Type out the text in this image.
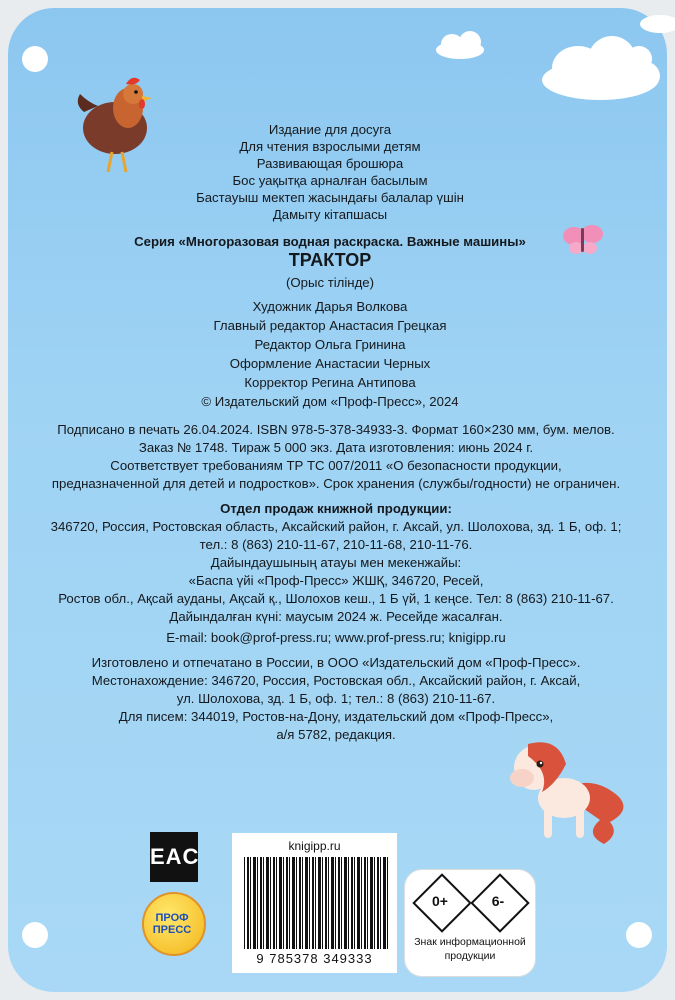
Издание для досуга
Для чтения взрослыми детям
Развивающая брошюра
Бос уақытқа арналған басылым
Бастауыш мектеп жасындағы балалар үшін
Дамыту кітапшасы
Серия «Многоразовая водная раскраска. Важные машины»
ТРАКТОР
(Орыс тілінде)
Художник Дарья Волкова
Главный редактор Анастасия Грецкая
Редактор Ольга Гринина
Оформление Анастасии Черных
Корректор Регина Антипова
© Издательский дом «Проф-Пресс», 2024
Подписано в печать 26.04.2024. ISBN 978-5-378-34933-3. Формат 160×230 мм, бум. мелов.
Заказ № 1748. Тираж 5 000 экз. Дата изготовления: июнь 2024 г.
Соответствует требованиям ТР ТС 007/2011 «О безопасности продукции,
предназначенной для детей и подростков». Срок хранения (службы/годности) не ограничен.
Отдел продаж книжной продукции:
346720, Россия, Ростовская область, Аксайский район, г. Аксай, ул. Шолохова, зд. 1 Б, оф. 1;
тел.: 8 (863) 210-11-67, 210-11-68, 210-11-76.
Дайындаушының атауы мен мекенжайы:
«Баспа үйі «Проф-Пресс» ЖШҚ, 346720, Ресей,
Ростов обл., Ақсай ауданы, Ақсай қ., Шолохов кеш., 1 Б үй, 1 кеңсе. Тел: 8 (863) 210-11-67.
Дайындалған күні: маусым 2024 ж. Ресейде жасалған.
E-mail: book@prof-press.ru; www.prof-press.ru; knigipp.ru
Изготовлено и отпечатано в России, в ООО «Издательский дом «Проф-Пресс».
Местонахождение: 346720, Россия, Ростовская обл., Аксайский район, г. Аксай,
ул. Шолохова, зд. 1 Б, оф. 1; тел.: 8 (863) 210-11-67.
Для писем: 344019, Ростов-на-Дону, издательский дом «Проф-Пресс»,
а/я 5782, редакция.
EAC
ПРОФ ПРЕСС
knigipp.ru
9 785378 349333
0+	6-
Знак информационной
продукции
